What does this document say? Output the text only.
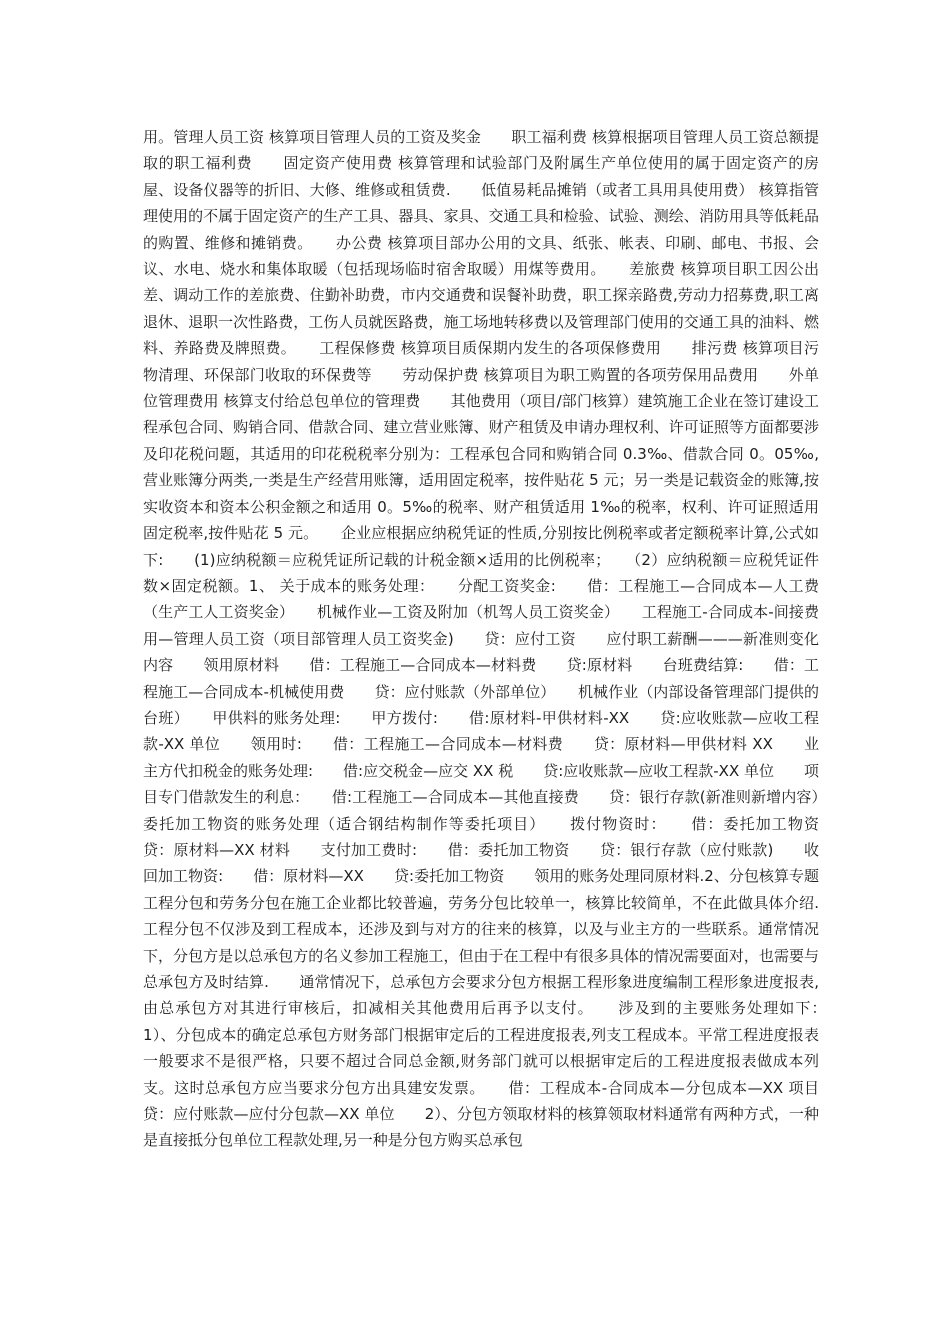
用。管理人员工资 核算项目管理人员的工资及奖金　　职工福利费 核算根据项目管理人员工资总额提取的职工福利费　　固定资产使用费 核算管理和试验部门及附属生产单位使用的属于固定资产的房屋、设备仪器等的折旧、大修、维修或租赁费.　　低值易耗品摊销（或者工具用具使用费） 核算指管理使用的不属于固定资产的生产工具、器具、家具、交通工具和检验、试验、测绘、消防用具等低耗品的购置、维修和摊销费。　　办公费 核算项目部办公用的文具、纸张、帐表、印刷、邮电、书报、会议、水电、烧水和集体取暖（包括现场临时宿舍取暖）用煤等费用。　　差旅费 核算项目职工因公出差、调动工作的差旅费、住勤补助费，市内交通费和误餐补助费，职工探亲路费,劳动力招募费,职工离退休、退职一次性路费，工伤人员就医路费，施工场地转移费以及管理部门使用的交通工具的油料、燃料、养路费及牌照费。　　工程保修费 核算项目质保期内发生的各项保修费用　　排污费 核算项目污物清理、环保部门收取的环保费等　　劳动保护费 核算项目为职工购置的各项劳保用品费用　　外单位管理费用 核算支付给总包单位的管理费　　其他费用（项目/部门核算）建筑施工企业在签订建设工程承包合同、购销合同、借款合同、建立营业账簿、财产租赁及申请办理权利、许可证照等方面都要涉及印花税问题，其适用的印花税税率分别为：工程承包合同和购销合同 0.3‰、借款合同 0。05‰,营业账簿分两类,一类是生产经营用账簿，适用固定税率，按件贴花 5 元；另一类是记载资金的账簿,按实收资本和资本公积金额之和适用 0。5‰的税率、财产租赁适用 1‰的税率，权利、许可证照适用固定税率,按件贴花 5 元。　　企业应根据应纳税凭证的性质,分别按比例税率或者定额税率计算,公式如下:　　(1)应纳税额＝应税凭证所记载的计税金额×适用的比例税率；　　（2）应纳税额＝应税凭证件数×固定税额。1、 关于成本的账务处理：　　分配工资奖金:　　借：工程施工—合同成本—人工费（生产工人工资奖金）　　机械作业—工资及附加（机驾人员工资奖金）　　工程施工-合同成本-间接费用—管理人员工资（项目部管理人员工资奖金)　　贷：应付工资　　应付职工薪酬———新准则变化内容　　领用原材料　　借：工程施工—合同成本—材料费　　贷:原材料　　台班费结算:　　借：工程施工—合同成本-机械使用费　　贷：应付账款（外部单位）　　机械作业（内部设备管理部门提供的台班）　　甲供料的账务处理:　　甲方拨付:　　借:原材料-甲供材料-XX　　贷:应收账款—应收工程款-XX 单位　　领用时:　　借：工程施工—合同成本—材料费　　贷：原材料—甲供材料 XX　　业主方代扣税金的账务处理:　　借:应交税金—应交 XX 税　　贷:应收账款—应收工程款-XX 单位　　项目专门借款发生的利息：　　借:工程施工—合同成本—其他直接费　　贷：银行存款(新准则新增内容）　　委托加工物资的账务处理（适合钢结构制作等委托项目）　　拨付物资时：　　借：委托加工物资　　贷：原材料—XX 材料　　支付加工费时:　　借：委托加工物资　　贷：银行存款（应付账款)　　收回加工物资:　　借：原材料—XX　　贷:委托加工物资　　领用的账务处理同原材料.2、分包核算专题　　工程分包和劳务分包在施工企业都比较普遍，劳务分包比较单一，核算比较简单，不在此做具体介绍.　　工程分包不仅涉及到工程成本，还涉及到与对方的往来的核算，以及与业主方的一些联系。通常情况下，分包方是以总承包方的名义参加工程施工，但由于在工程中有很多具体的情况需要面对，也需要与总承包方及时结算.　　通常情况下，总承包方会要求分包方根据工程形象进度编制工程形象进度报表,由总承包方对其进行审核后，扣减相关其他费用后再予以支付。　　涉及到的主要账务处理如下：　　1）、分包成本的确定总承包方财务部门根据审定后的工程进度报表,列支工程成本。平常工程进度报表一般要求不是很严格，只要不超过合同总金额,财务部门就可以根据审定后的工程进度报表做成本列支。这时总承包方应当要求分包方出具建安发票。　　借：工程成本-合同成本—分包成本—XX 项目　　贷：应付账款—应付分包款—XX 单位　　2）、分包方领取材料的核算领取材料通常有两种方式，一种是直接抵分包单位工程款处理,另一种是分包方购买总承包
